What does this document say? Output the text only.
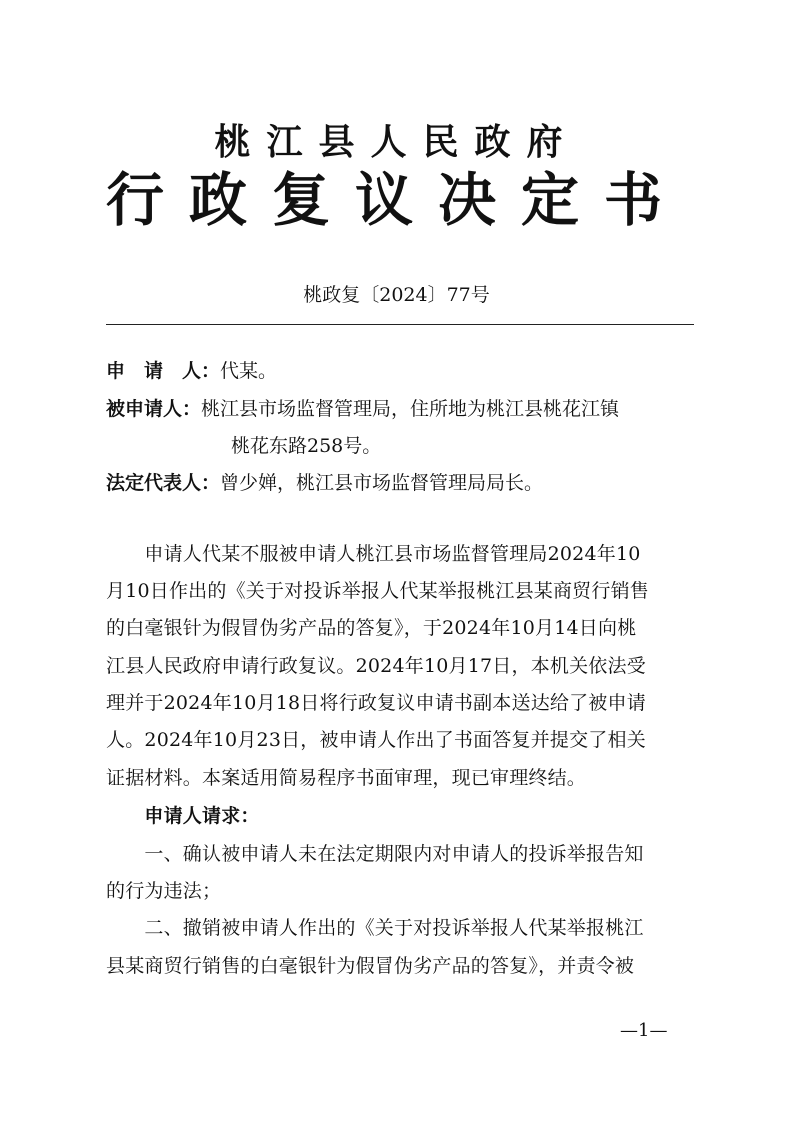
桃江县人民政府
行政复议决定书
桃政复〔2024〕77号
申　请　人：代某。
被申请人：桃江县市场监督管理局，住所地为桃江县桃花江镇
桃花东路258号。
法定代表人：曾少婵，桃江县市场监督管理局局长。
　　申请人代某不服被申请人桃江县市场监督管理局2024年10
月10日作出的《关于对投诉举报人代某举报桃江县某商贸行销售
的白毫银针为假冒伪劣产品的答复》，于2024年10月14日向桃
江县人民政府申请行政复议。2024年10月17日，本机关依法受
理并于2024年10月18日将行政复议申请书副本送达给了被申请
人。2024年10月23日，被申请人作出了书面答复并提交了相关
证据材料。本案适用简易程序书面审理，现已审理终结。
　　申请人请求：
　　一、确认被申请人未在法定期限内对申请人的投诉举报告知
的行为违法；
　　二、撤销被申请人作出的《关于对投诉举报人代某举报桃江
县某商贸行销售的白毫银针为假冒伪劣产品的答复》，并责令被
—1—
